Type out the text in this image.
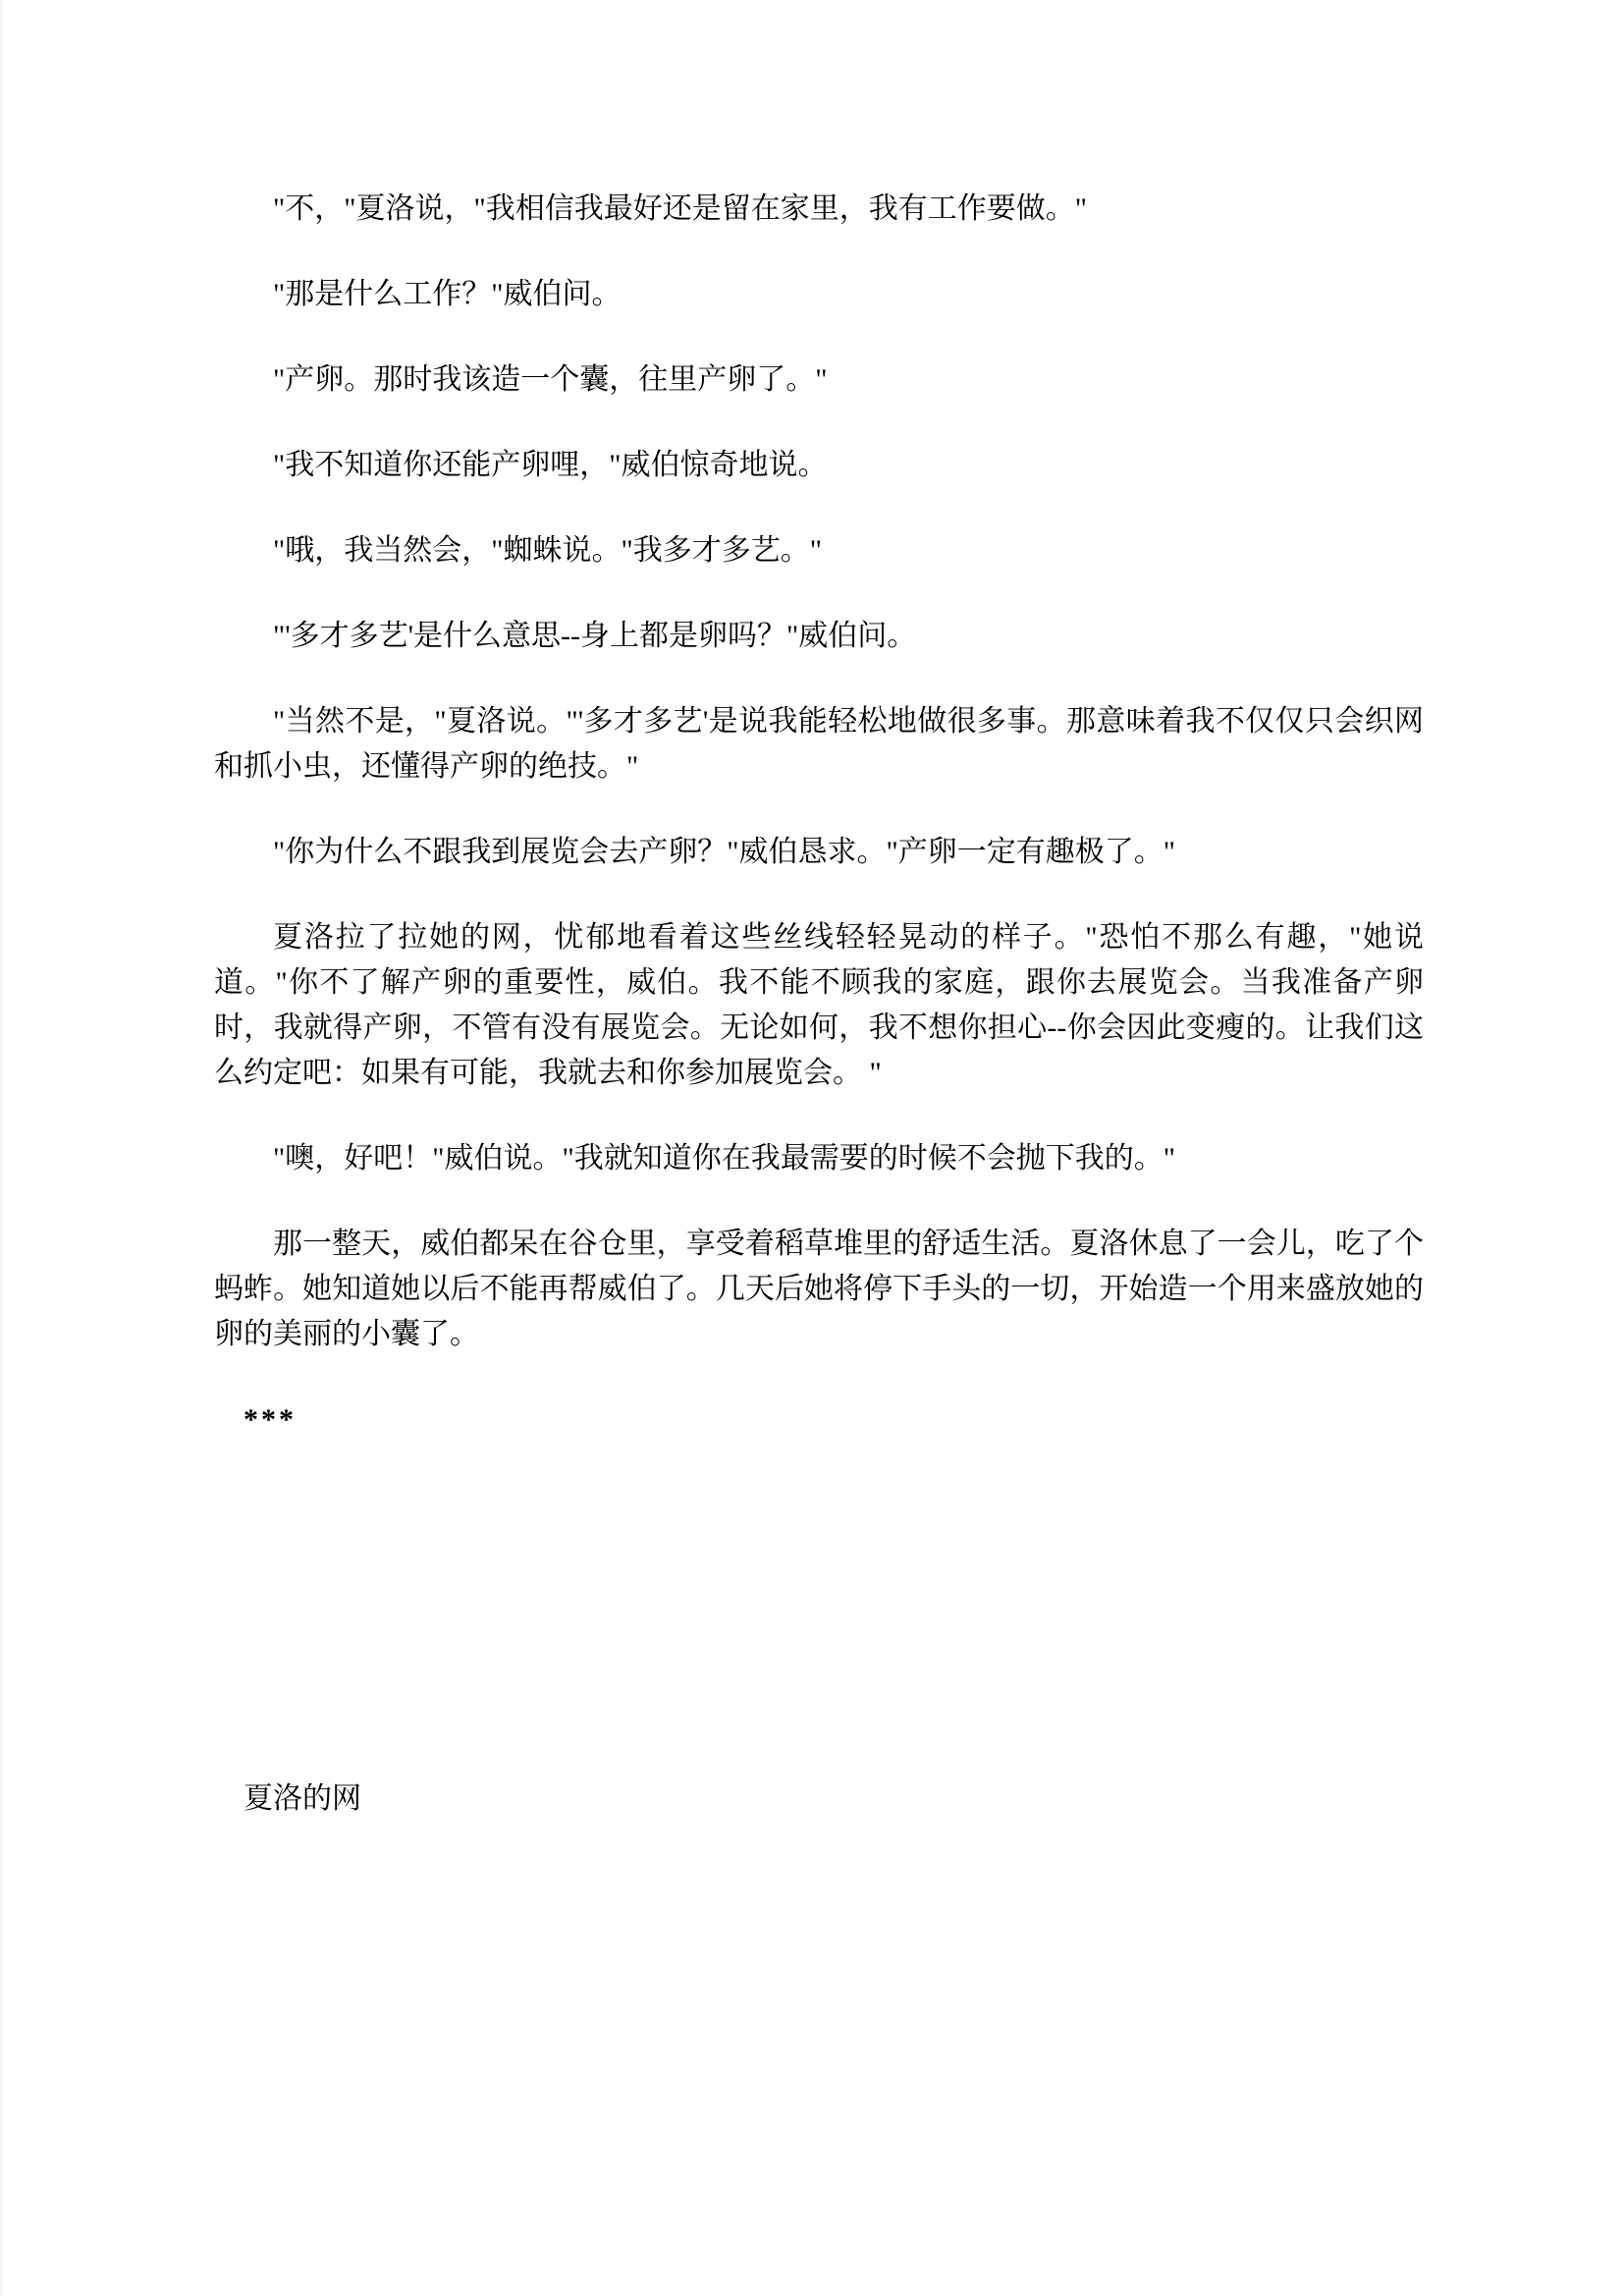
"不，"夏洛说，"我相信我最好还是留在家里，我有工作要做。"

"那是什么工作？"威伯问。

"产卵。那时我该造一个囊，往里产卵了。"

"我不知道你还能产卵哩，"威伯惊奇地说。

"哦，我当然会，"蜘蛛说。"我多才多艺。"

"'多才多艺'是什么意思--身上都是卵吗？"威伯问。

"当然不是，"夏洛说。"'多才多艺'是说我能轻松地做很多事。那意味着我不仅仅只会织网和抓小虫，还懂得产卵的绝技。"

"你为什么不跟我到展览会去产卵？"威伯恳求。"产卵一定有趣极了。"

夏洛拉了拉她的网，忧郁地看着这些丝线轻轻晃动的样子。"恐怕不那么有趣，"她说道。"你不了解产卵的重要性，威伯。我不能不顾我的家庭，跟你去展览会。当我准备产卵时，我就得产卵，不管有没有展览会。无论如何，我不想你担心--你会因此变瘦的。让我们这么约定吧：如果有可能，我就去和你参加展览会。 "

"噢，好吧！"威伯说。"我就知道你在我最需要的时候不会抛下我的。"

那一整天，威伯都呆在谷仓里，享受着稻草堆里的舒适生活。夏洛休息了一会儿，吃了个蚂蚱。她知道她以后不能再帮威伯了。几天后她将停下手头的一切，开始造一个用来盛放她的卵的美丽的小囊了。

***

夏洛的网
